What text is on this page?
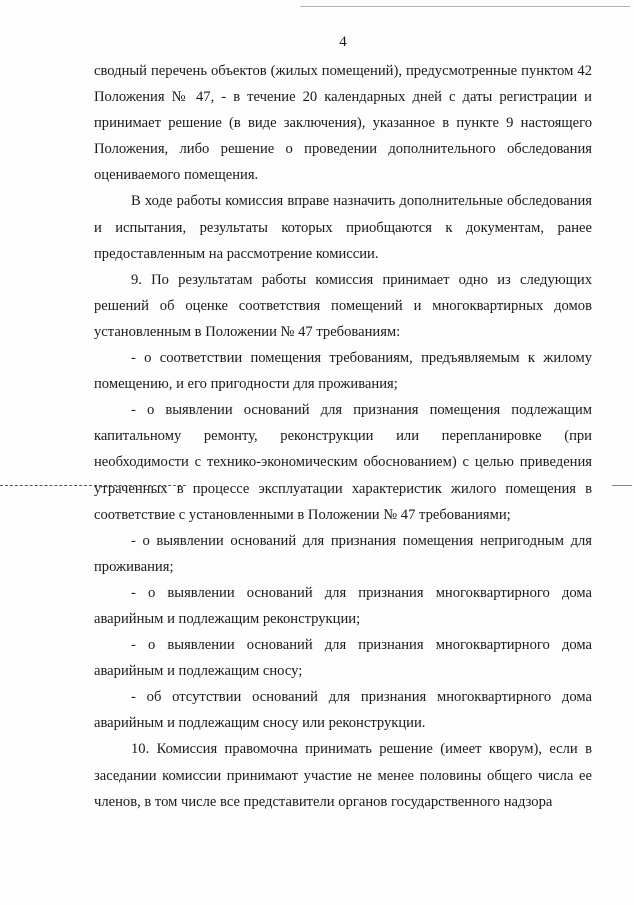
4

сводный перечень объектов (жилых помещений), предусмотренные пунктом 42 Положения № 47, - в течение 20 календарных дней с даты регистрации и принимает решение (в виде заключения), указанное в пункте 9 настоящего Положения, либо решение о проведении дополнительного обследования оцениваемого помещения.

В ходе работы комиссия вправе назначить дополнительные обследования и испытания, результаты которых приобщаются к документам, ранее предоставленным на рассмотрение комиссии.

9. По результатам работы комиссия принимает одно из следующих решений об оценке соответствия помещений и многоквартирных домов установленным в Положении № 47 требованиям:

- о соответствии помещения требованиям, предъявляемым к жилому помещению, и его пригодности для проживания;

- о выявлении оснований для признания помещения подлежащим капитальному ремонту, реконструкции или перепланировке (при необходимости с технико-экономическим обоснованием) с целью приведения утраченных в процессе эксплуатации характеристик жилого помещения в соответствие с установленными в Положении № 47 требованиями;

- о выявлении оснований для признания помещения непригодным для проживания;

- о выявлении оснований для признания многоквартирного дома аварийным и подлежащим реконструкции;

- о выявлении оснований для признания многоквартирного дома аварийным и подлежащим сносу;

- об отсутствии оснований для признания многоквартирного дома аварийным и подлежащим сносу или реконструкции.

10. Комиссия правомочна принимать решение (имеет кворум), если в заседании комиссии принимают участие не менее половины общего числа ее членов, в том числе все представители органов государственного надзора
